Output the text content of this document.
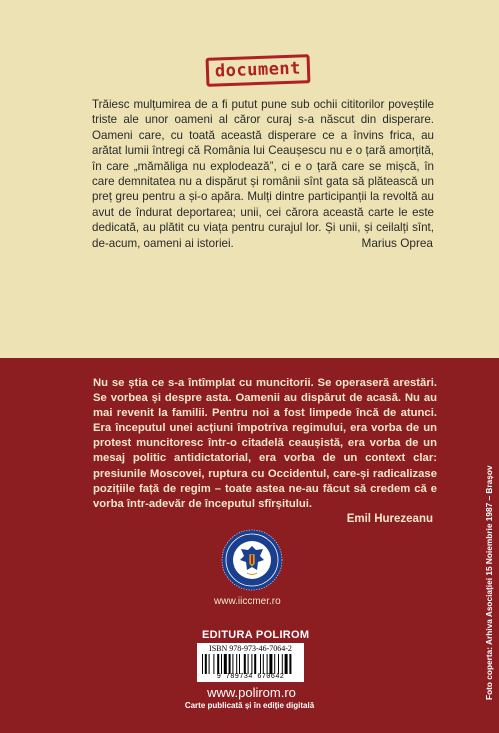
document

Trăiesc mulțumirea de a fi putut pune sub ochii cititorilor poveștile triste ale unor oameni al căror curaj s-a născut din disperare. Oameni care, cu toată această disperare ce a învins frica, au arătat lumii întregi că România lui Ceaușescu nu e o țară amorțită, în care „mămăliga nu explodează”, ci e o țară care se mișcă, în care demnitatea nu a dispărut și românii sînt gata să plătească un preț greu pentru a și-o apăra. Mulți dintre participanții la revoltă au avut de îndurat deportarea; unii, cei cărora această carte le este dedicată, au plătit cu viața pentru curajul lor. Și unii, și ceilalți sînt, de-acum, oameni ai istoriei.	Marius Oprea

Nu se știa ce s-a întîmplat cu muncitorii. Se operaseră arestări. Se vorbea și despre asta. Oamenii au dispărut de acasă. Nu au mai revenit la familii. Pentru noi a fost limpede încă de atunci. Era începutul unei acțiuni împotriva regimului, era vorba de un protest muncitoresc într-o citadelă ceaușistă, era vorba de un mesaj politic antidictatorial, era vorba de un context clar: presiunile Moscovei, ruptura cu Occidentul, care-și radicalizase pozițiile față de regim – toate astea ne-au făcut să credem că e vorba într-adevăr de începutul sfîrșitului.

Emil Hurezeanu
www.iiccmer.ro
EDITURA POLIROM
ISBN 978-973-46-7064-2
9 789734 670642
www.polirom.ro
Carte publicată și în ediție digitală
Foto coperta: Arhiva Asociației 15 Noiembrie 1987 – Brașov
